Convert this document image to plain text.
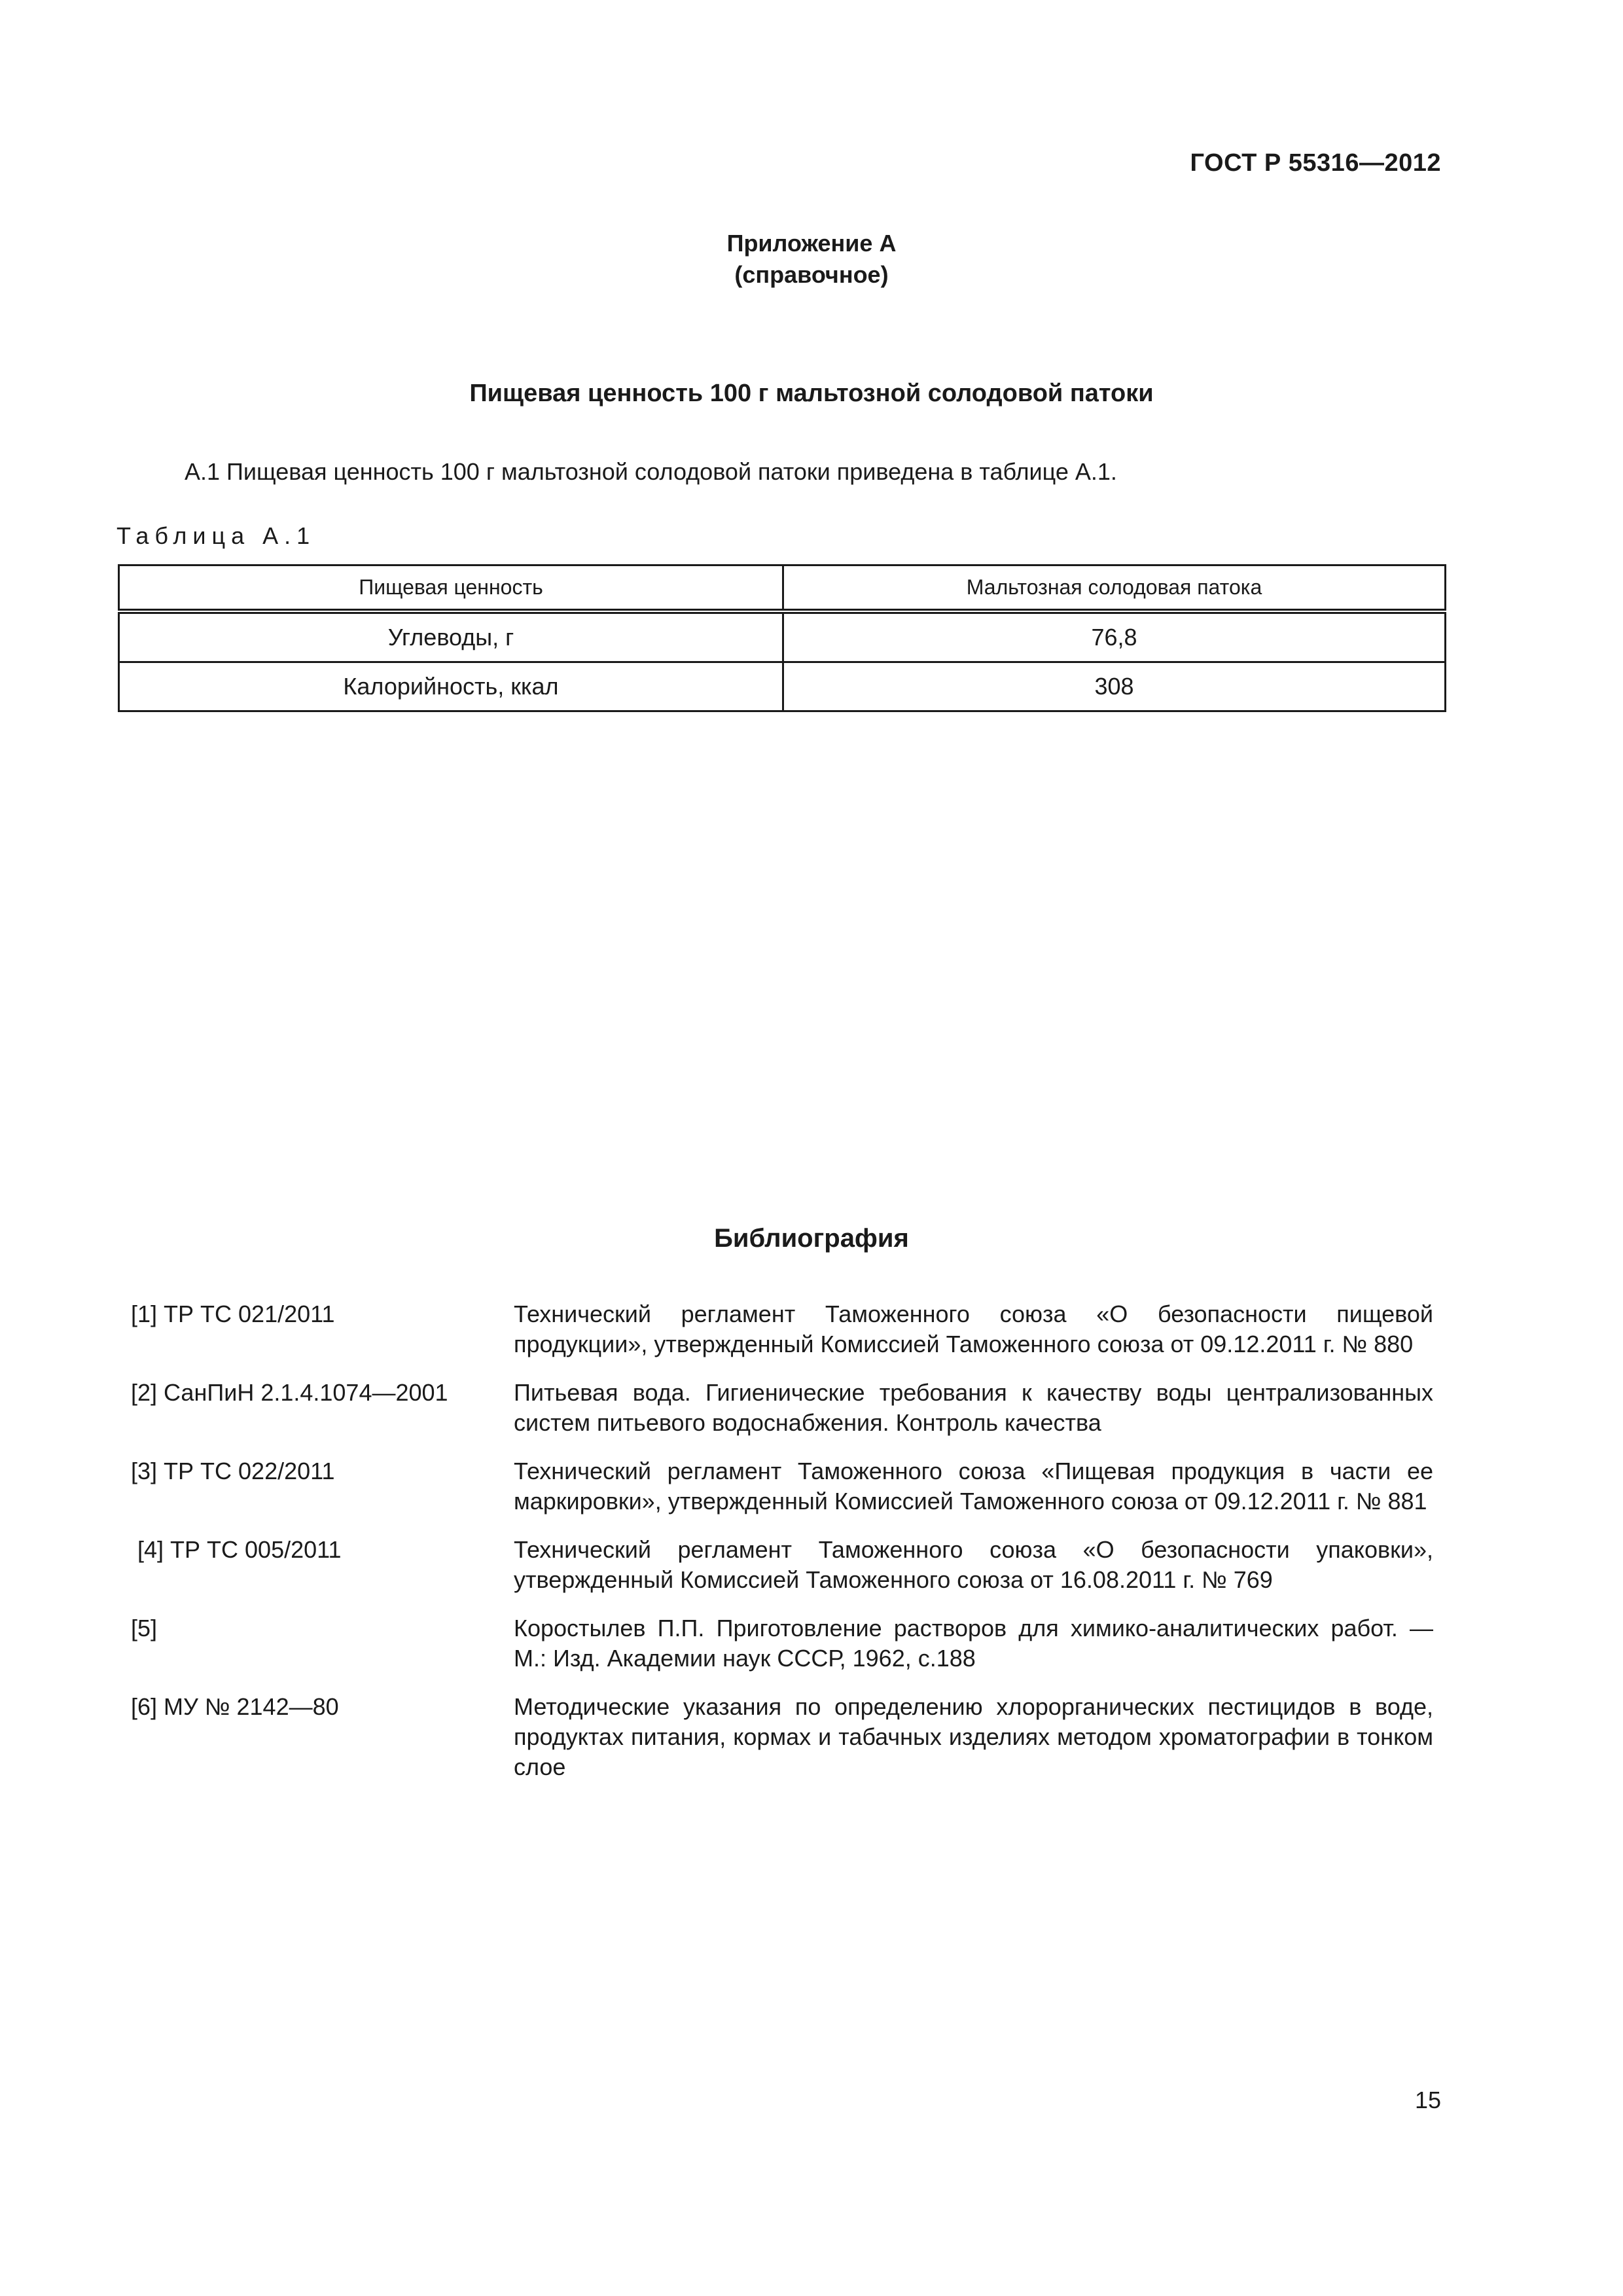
ГОСТ Р 55316—2012
Приложение А
(справочное)
Пищевая ценность 100 г мальтозной солодовой патоки
А.1 Пищевая ценность 100 г мальтозной солодовой патоки приведена в таблице А.1.
Таблица А.1
Пищевая ценность	Мальтозная солодовая патока
Углеводы, г	76,8
Калорийность, ккал	308
Библиография
[1] ТР ТС 021/2011	Технический регламент Таможенного союза «О безопасности пищевой продукции», утвержденный Комиссией Таможенного союза от 09.12.2011 г. № 880
[2] СанПиН 2.1.4.1074—2001	Питьевая вода. Гигиенические требования к качеству воды централизованных систем питьевого водоснабжения. Контроль качества
[3] ТР ТС 022/2011	Технический регламент Таможенного союза «Пищевая продукция в части ее маркировки», утвержденный Комиссией Таможенного союза от 09.12.2011 г. № 881
[4] ТР ТС 005/2011	Технический регламент Таможенного союза «О безопасности упаковки», утвержденный Комиссией Таможенного союза от 16.08.2011 г. № 769
[5]	Коростылев П.П. Приготовление растворов для химико-аналитических работ. — М.: Изд. Академии наук СССР, 1962, с.188
[6] МУ № 2142—80	Методические указания по определению хлорорганических пестицидов в воде, продуктах питания, кормах и табачных изделиях методом хроматографии в тонком слое
15
